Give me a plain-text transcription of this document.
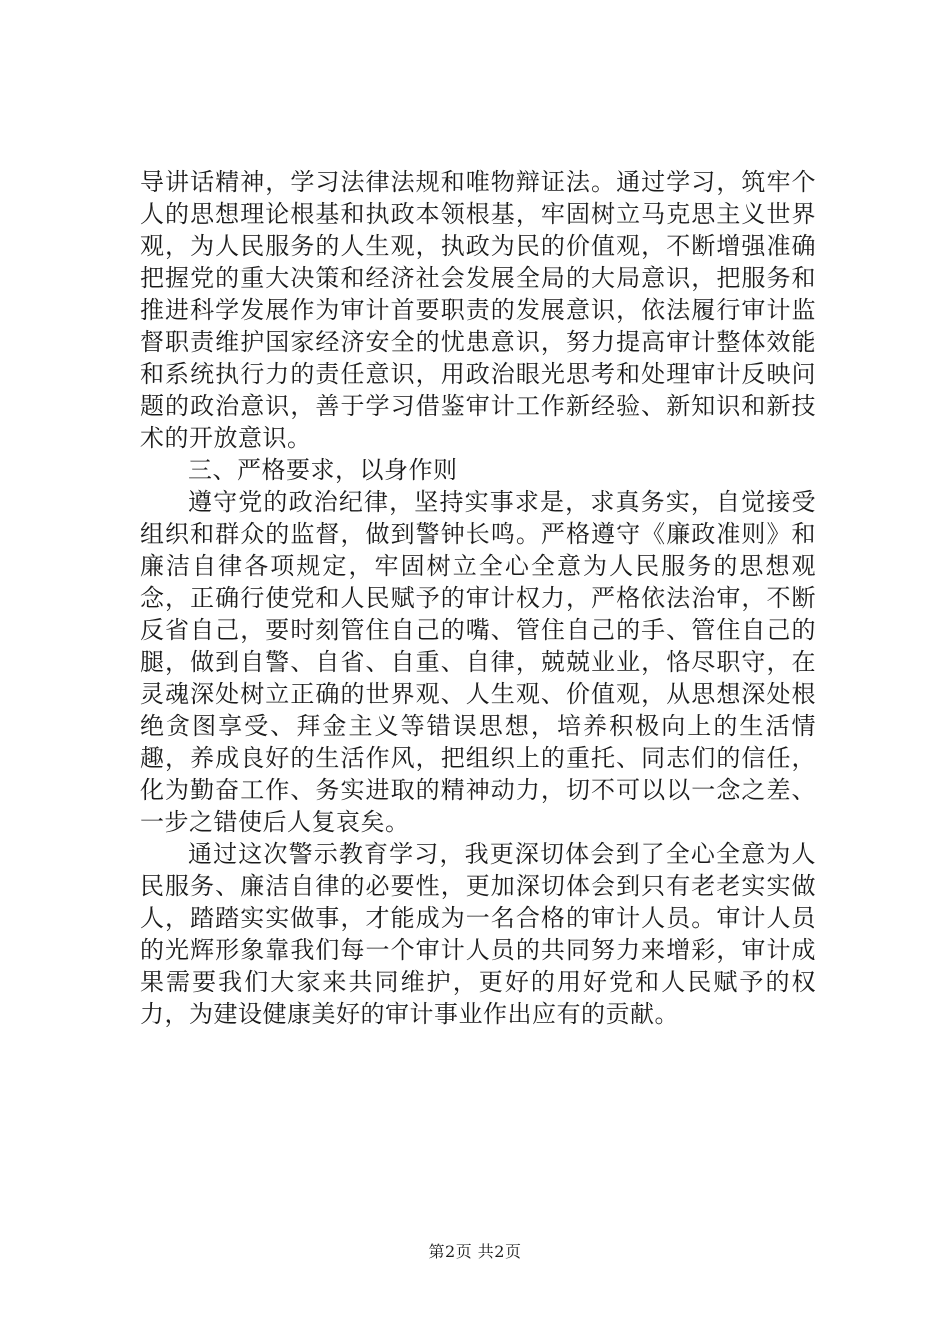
导讲话精神，学习法律法规和唯物辩证法。通过学习，筑牢个人的思想理论根基和执政本领根基，牢固树立马克思主义世界观，为人民服务的人生观，执政为民的价值观，不断增强准确把握党的重大决策和经济社会发展全局的大局意识，把服务和推进科学发展作为审计首要职责的发展意识，依法履行审计监督职责维护国家经济安全的忧患意识，努力提高审计整体效能和系统执行力的责任意识，用政治眼光思考和处理审计反映问题的政治意识，善于学习借鉴审计工作新经验、新知识和新技术的开放意识。

三、严格要求，以身作则

遵守党的政治纪律，坚持实事求是，求真务实，自觉接受组织和群众的监督，做到警钟长鸣。严格遵守《廉政准则》和廉洁自律各项规定，牢固树立全心全意为人民服务的思想观念，正确行使党和人民赋予的审计权力，严格依法治审，不断反省自己，要时刻管住自己的嘴、管住自己的手、管住自己的腿，做到自警、自省、自重、自律，兢兢业业，恪尽职守，在灵魂深处树立正确的世界观、人生观、价值观，从思想深处根绝贪图享受、拜金主义等错误思想，培养积极向上的生活情趣，养成良好的生活作风，把组织上的重托、同志们的信任，化为勤奋工作、务实进取的精神动力，切不可以以一念之差、一步之错使后人复哀矣。

通过这次警示教育学习，我更深切体会到了全心全意为人民服务、廉洁自律的必要性，更加深切体会到只有老老实实做人，踏踏实实做事，才能成为一名合格的审计人员。审计人员的光辉形象靠我们每一个审计人员的共同努力来增彩，审计成果需要我们大家来共同维护，更好的用好党和人民赋予的权力，为建设健康美好的审计事业作出应有的贡献。

第2页 共2页
